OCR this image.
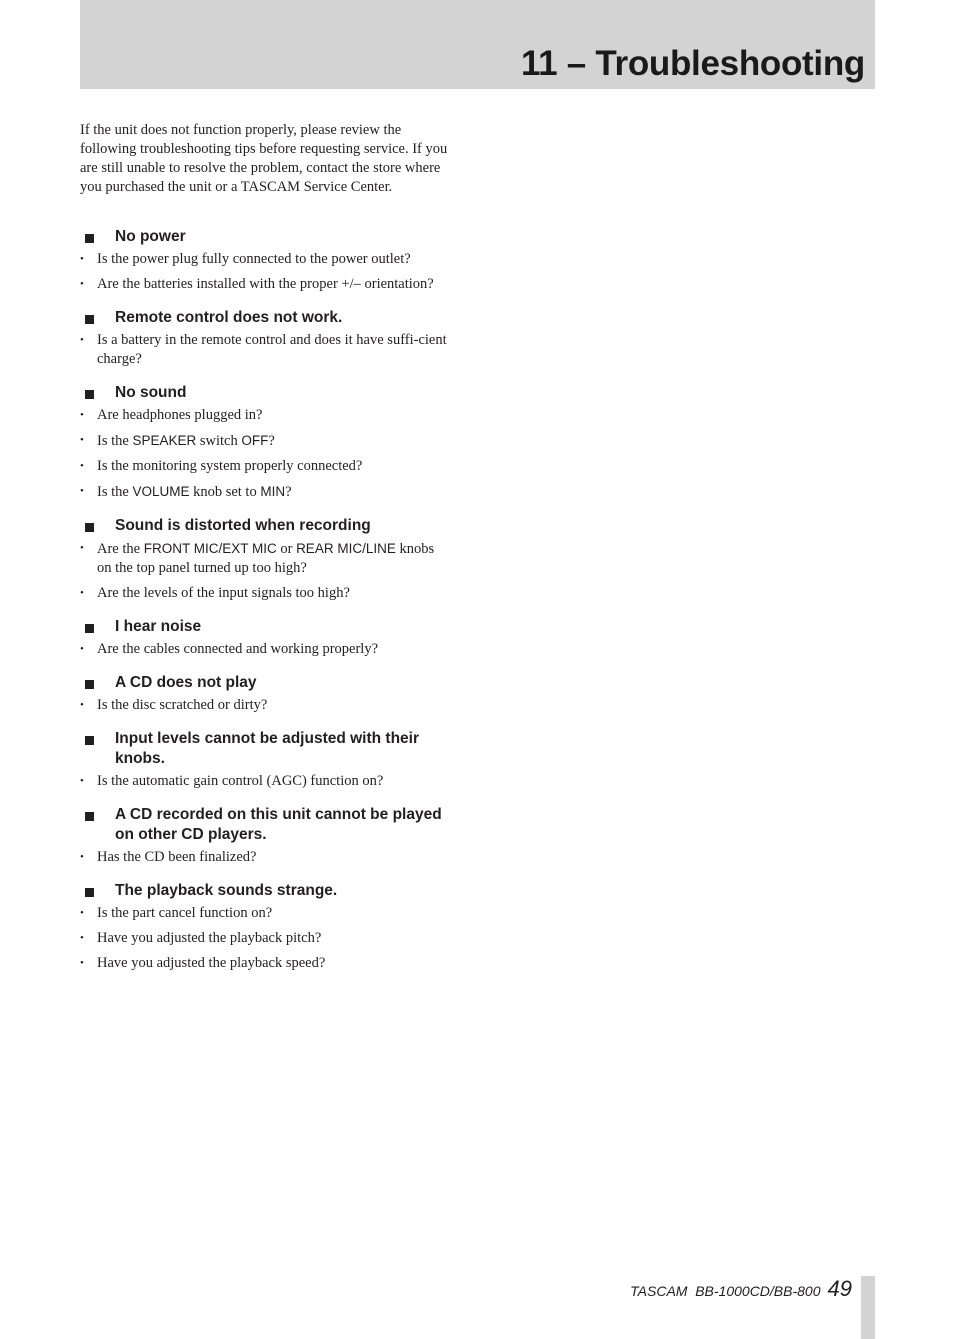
11 – Troubleshooting

If the unit does not function properly, please review the following troubleshooting tips before requesting service. If you are still unable to resolve the problem, contact the store where you purchased the unit or a TASCAM Service Center.

No power
• Is the power plug fully connected to the power outlet?
• Are the batteries installed with the proper +/– orientation?
Remote control does not work.
• Is a battery in the remote control and does it have suffi-cient charge?
No sound
• Are headphones plugged in?
• Is the SPEAKER switch OFF?
• Is the monitoring system properly connected?
• Is the VOLUME knob set to MIN?
Sound is distorted when recording
• Are the FRONT MIC/EXT MIC or REAR MIC/LINE knobs on the top panel turned up too high?
• Are the levels of the input signals too high?
I hear noise
• Are the cables connected and working properly?
A CD does not play
• Is the disc scratched or dirty?
Input levels cannot be adjusted with their knobs.
• Is the automatic gain control (AGC) function on?
A CD recorded on this unit cannot be played on other CD players.
• Has the CD been finalized?
The playback sounds strange.
• Is the part cancel function on?
• Have you adjusted the playback pitch?
• Have you adjusted the playback speed?
TASCAM  BB-1000CD/BB-800 49
